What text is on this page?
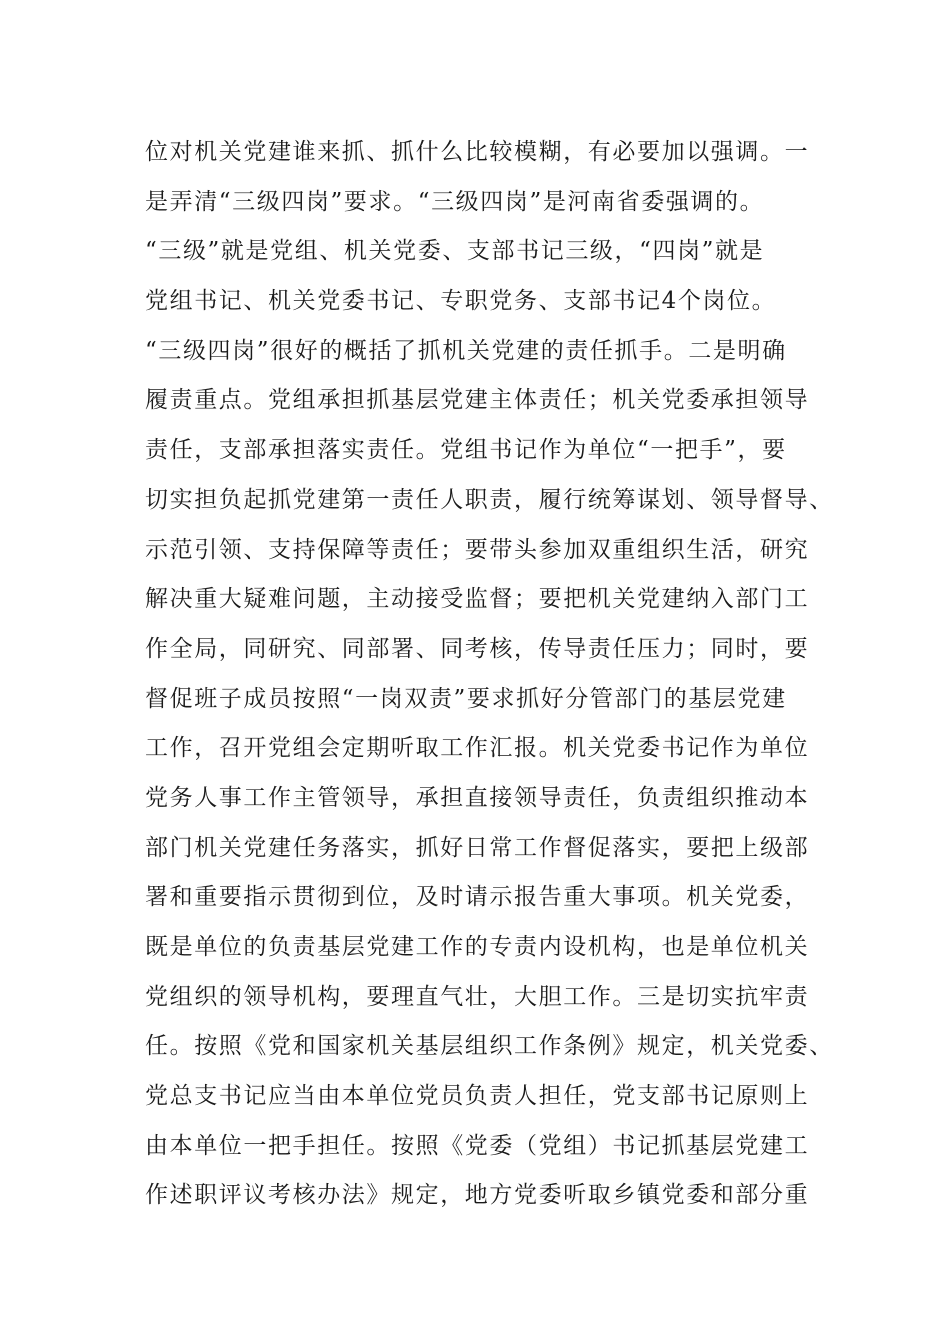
位对机关党建谁来抓、抓什么比较模糊，有必要加以强调。一
是弄清“三级四岗”要求。“三级四岗”是河南省委强调的。
“三级”就是党组、机关党委、支部书记三级，“四岗”就是
党组书记、机关党委书记、专职党务、支部书记4个岗位。
“三级四岗”很好的概括了抓机关党建的责任抓手。二是明确
履责重点。党组承担抓基层党建主体责任；机关党委承担领导
责任，支部承担落实责任。党组书记作为单位“一把手”，要
切实担负起抓党建第一责任人职责，履行统筹谋划、领导督导、
示范引领、支持保障等责任；要带头参加双重组织生活，研究
解决重大疑难问题，主动接受监督；要把机关党建纳入部门工
作全局，同研究、同部署、同考核，传导责任压力；同时，要
督促班子成员按照“一岗双责”要求抓好分管部门的基层党建
工作，召开党组会定期听取工作汇报。机关党委书记作为单位
党务人事工作主管领导，承担直接领导责任，负责组织推动本
部门机关党建任务落实，抓好日常工作督促落实，要把上级部
署和重要指示贯彻到位，及时请示报告重大事项。机关党委，
既是单位的负责基层党建工作的专责内设机构，也是单位机关
党组织的领导机构，要理直气壮，大胆工作。三是切实抗牢责
任。按照《党和国家机关基层组织工作条例》规定，机关党委、
党总支书记应当由本单位党员负责人担任，党支部书记原则上
由本单位一把手担任。按照《党委（党组）书记抓基层党建工
作述职评议考核办法》规定，地方党委听取乡镇党委和部分重
